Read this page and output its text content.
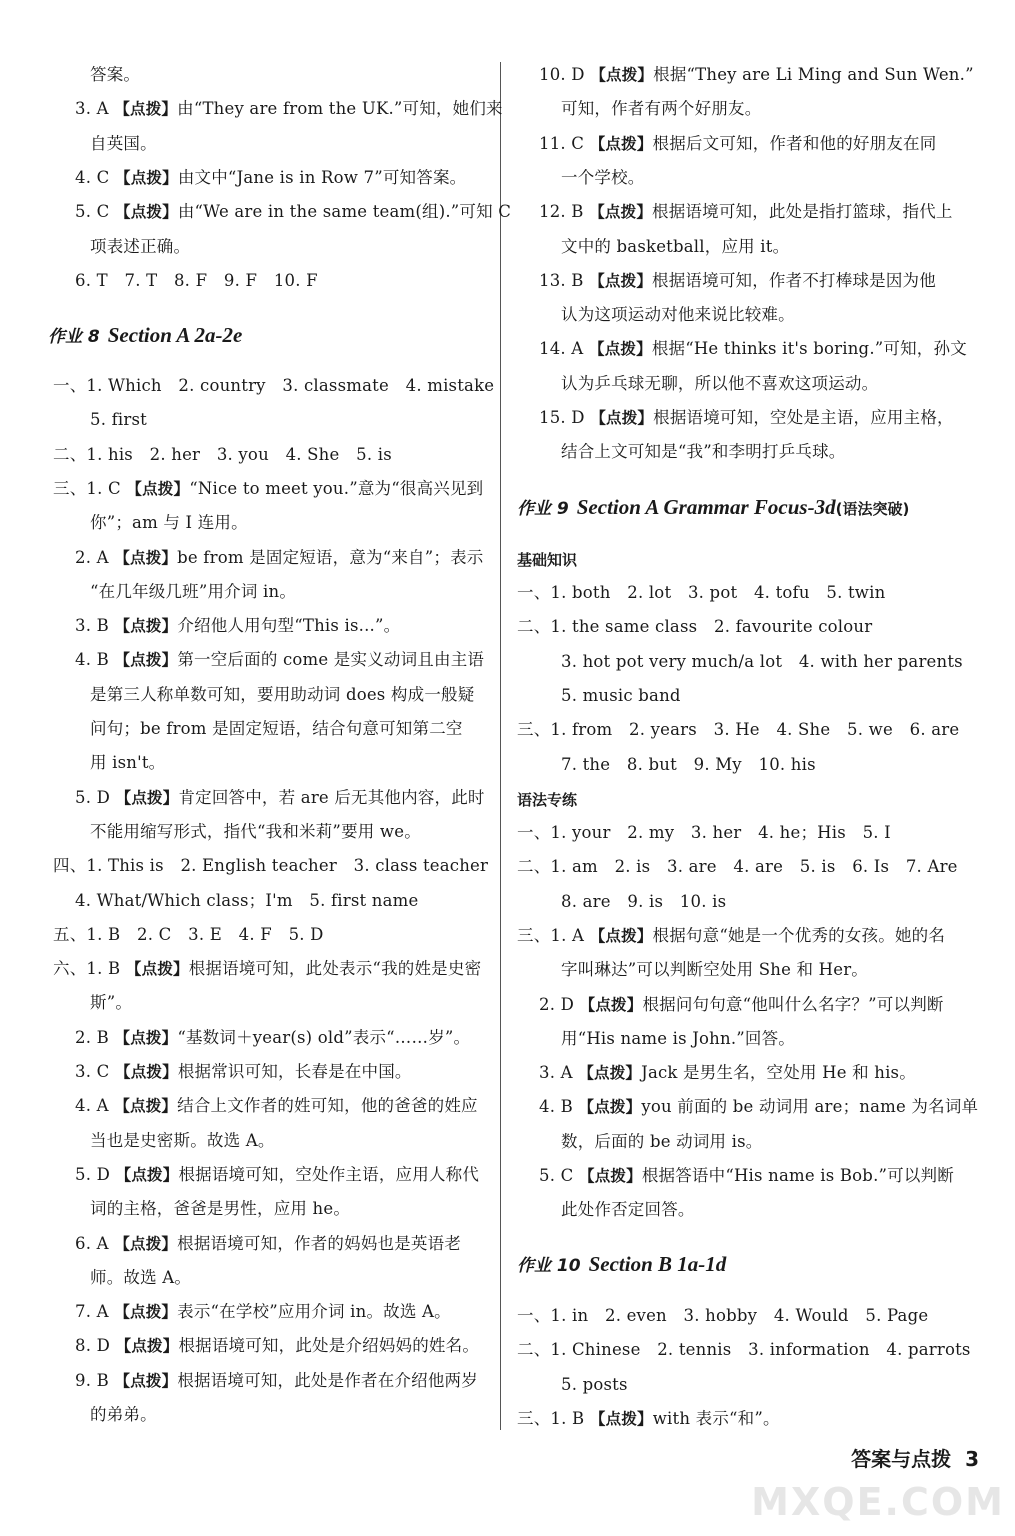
答案。
3. A 【点拨】由“They are from the UK.”可知，她们来
自英国。
4. C 【点拨】由文中“Jane is in Row 7”可知答案。
5. C 【点拨】由“We are in the same team(组).”可知 C
项表述正确。
6. T　7. T　8. F　9. F　10. F
作业 8 Section A 2a-2e
一、1. Which　2. country　3. classmate　4. mistake
5. first
二、1. his　2. her　3. you　4. She　5. is
三、1. C 【点拨】“Nice to meet you.”意为“很高兴见到
你”；am 与 I 连用。
2. A 【点拨】be from 是固定短语，意为“来自”；表示
“在几年级几班”用介词 in。
3. B 【点拨】介绍他人用句型“This is...”。
4. B 【点拨】第一空后面的 come 是实义动词且由主语
是第三人称单数可知，要用助动词 does 构成一般疑
问句；be from 是固定短语，结合句意可知第二空
用 isn't。
5. D 【点拨】肯定回答中，若 are 后无其他内容，此时
不能用缩写形式，指代“我和米莉”要用 we。
四、1. This is　2. English teacher　3. class teacher
4. What/Which class；I'm　5. first name
五、1. B　2. C　3. E　4. F　5. D
六、1. B 【点拨】根据语境可知，此处表示“我的姓是史密
斯”。
2. B 【点拨】“基数词＋year(s) old”表示“……岁”。
3. C 【点拨】根据常识可知，长春是在中国。
4. A 【点拨】结合上文作者的姓可知，他的爸爸的姓应
当也是史密斯。故选 A。
5. D 【点拨】根据语境可知，空处作主语，应用人称代
词的主格，爸爸是男性，应用 he。
6. A 【点拨】根据语境可知，作者的妈妈也是英语老
师。故选 A。
7. A 【点拨】表示“在学校”应用介词 in。故选 A。
8. D 【点拨】根据语境可知，此处是介绍妈妈的姓名。
9. B 【点拨】根据语境可知，此处是作者在介绍他两岁
的弟弟。
10. D 【点拨】根据“They are Li Ming and Sun Wen.”
可知，作者有两个好朋友。
11. C 【点拨】根据后文可知，作者和他的好朋友在同
一个学校。
12. B 【点拨】根据语境可知，此处是指打篮球，指代上
文中的 basketball，应用 it。
13. B 【点拨】根据语境可知，作者不打棒球是因为他
认为这项运动对他来说比较难。
14. A 【点拨】根据“He thinks it's boring.”可知，孙文
认为乒乓球无聊，所以他不喜欢这项运动。
15. D 【点拨】根据语境可知，空处是主语，应用主格，
结合上文可知是“我”和李明打乒乓球。
作业 9 Section A Grammar Focus-3d(语法突破)
基础知识
一、1. both　2. lot　3. pot　4. tofu　5. twin
二、1. the same class　2. favourite colour
3. hot pot very much/a lot　4. with her parents
5. music band
三、1. from　2. years　3. He　4. She　5. we　6. are
7. the　8. but　9. My　10. his
语法专练
一、1. your　2. my　3. her　4. he；His　5. I
二、1. am　2. is　3. are　4. are　5. is　6. Is　7. Are
8. are　9. is　10. is
三、1. A 【点拨】根据句意“她是一个优秀的女孩。她的名
字叫琳达”可以判断空处用 She 和 Her。
2. D 【点拨】根据问句句意“他叫什么名字？”可以判断
用“His name is John.”回答。
3. A 【点拨】Jack 是男生名，空处用 He 和 his。
4. B 【点拨】you 前面的 be 动词用 are；name 为名词单
数，后面的 be 动词用 is。
5. C 【点拨】根据答语中“His name is Bob.”可以判断
此处作否定回答。
作业 10 Section B 1a-1d
一、1. in　2. even　3. hobby　4. Would　5. Page
二、1. Chinese　2. tennis　3. information　4. parrots
5. posts
三、1. B 【点拨】with 表示“和”。
答案与点拨 3
MXQE.COM
